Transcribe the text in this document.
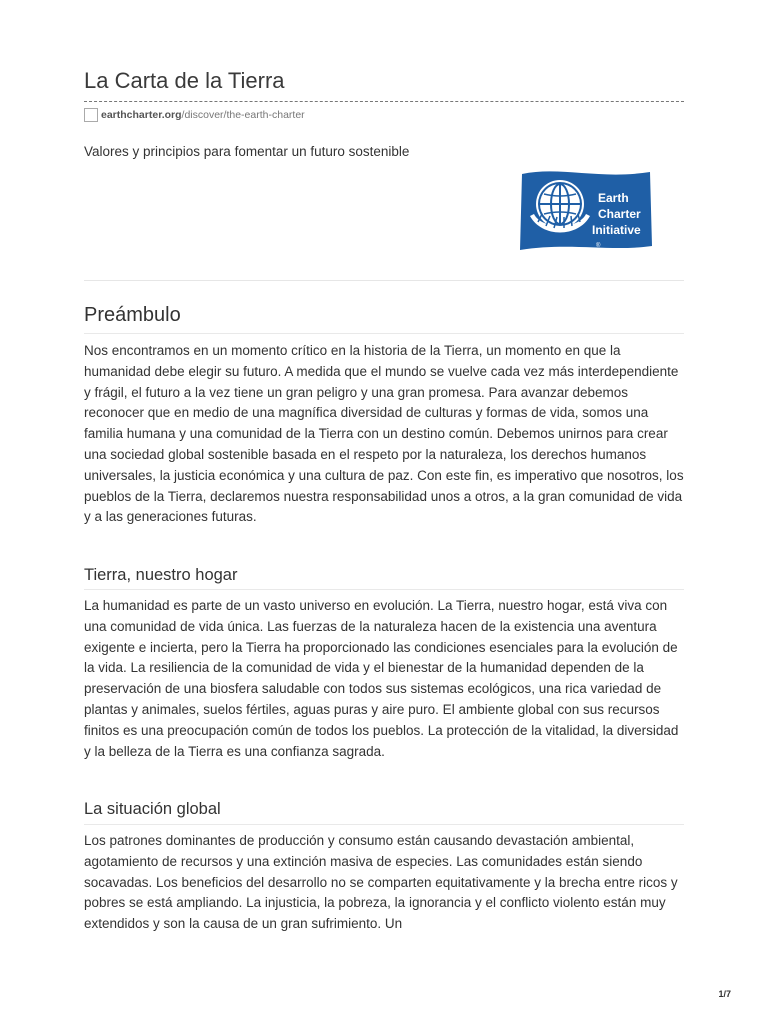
La Carta de la Tierra
earthcharter.org/discover/the-earth-charter
Valores y principios para fomentar un futuro sostenible
Earth
Charter
Initiative
®
Preámbulo

Nos encontramos en un momento crítico en la historia de la Tierra, un momento en que la humanidad debe elegir su futuro. A medida que el mundo se vuelve cada vez más interdependiente y frágil, el futuro a la vez tiene un gran peligro y una gran promesa. Para avanzar debemos reconocer que en medio de una magnífica diversidad de culturas y formas de vida, somos una familia humana y una comunidad de la Tierra con un destino común. Debemos unirnos para crear una sociedad global sostenible basada en el respeto por la naturaleza, los derechos humanos universales, la justicia económica y una cultura de paz. Con este fin, es imperativo que nosotros, los pueblos de la Tierra, declaremos nuestra responsabilidad unos a otros, a la gran comunidad de vida y a las generaciones futuras.

Tierra, nuestro hogar

La humanidad es parte de un vasto universo en evolución. La Tierra, nuestro hogar, está viva con una comunidad de vida única. Las fuerzas de la naturaleza hacen de la existencia una aventura exigente e incierta, pero la Tierra ha proporcionado las condiciones esenciales para la evolución de la vida. La resiliencia de la comunidad de vida y el bienestar de la humanidad dependen de la preservación de una biosfera saludable con todos sus sistemas ecológicos, una rica variedad de plantas y animales, suelos fértiles, aguas puras y aire puro. El ambiente global con sus recursos finitos es una preocupación común de todos los pueblos. La protección de la vitalidad, la diversidad y la belleza de la Tierra es una confianza sagrada.

La situación global

Los patrones dominantes de producción y consumo están causando devastación ambiental, agotamiento de recursos y una extinción masiva de especies. Las comunidades están siendo socavadas. Los beneficios del desarrollo no se comparten equitativamente y la brecha entre ricos y pobres se está ampliando. La injusticia, la pobreza, la ignorancia y el conflicto violento están muy extendidos y son la causa de un gran sufrimiento. Un

1/7
